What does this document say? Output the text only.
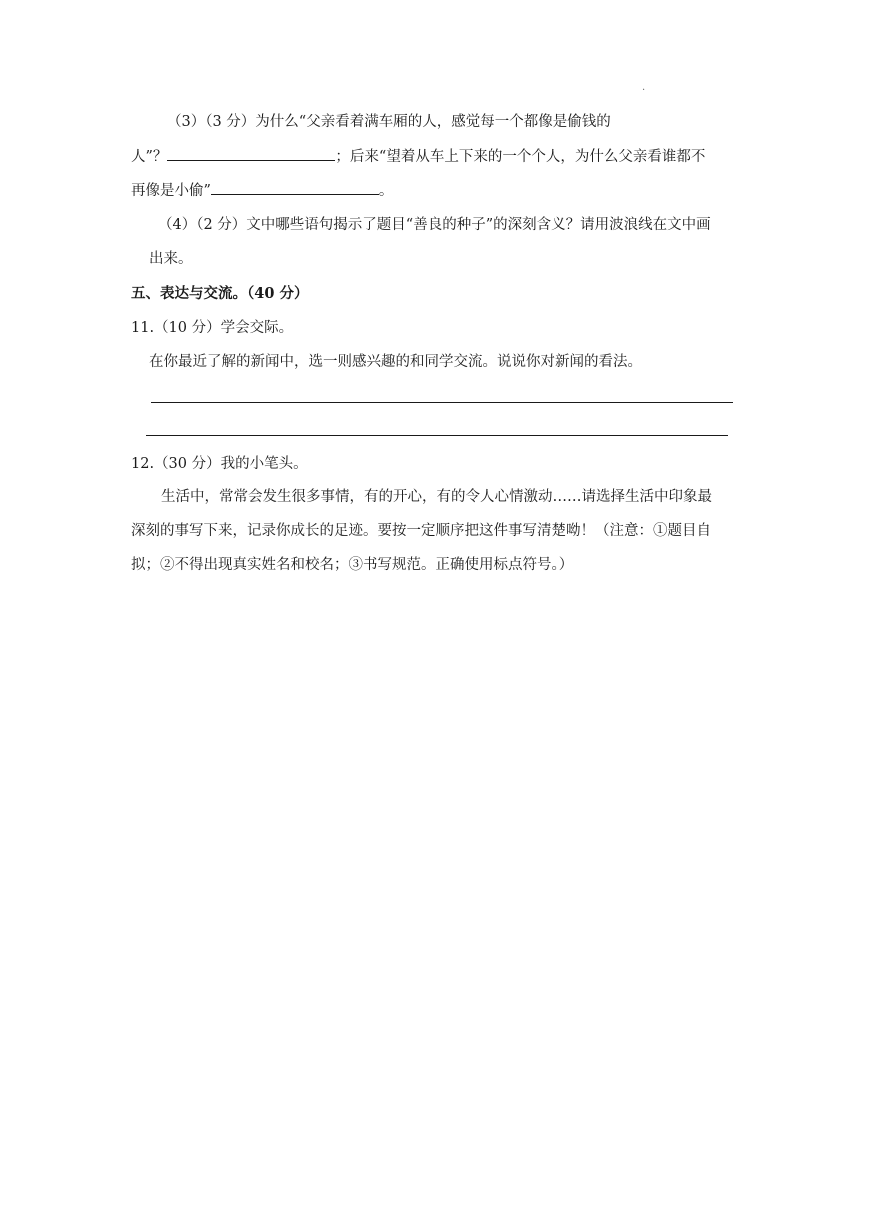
.
（3）（3 分）为什么“父亲看着满车厢的人，感觉每一个都像是偷钱的
人”？	；后来“望着从车上下来的一个个人，为什么父亲看谁都不
再像是小偷”	。
（4）（2 分）文中哪些语句揭示了题目“善良的种子”的深刻含义？请用波浪线在文中画
出来。
五、表达与交流。（40 分）
11.（10 分）学会交际。
在你最近了解的新闻中，选一则感兴趣的和同学交流。说说你对新闻的看法。
12.（30 分）我的小笔头。
生活中，常常会发生很多事情，有的开心，有的令人心情激动……请选择生活中印象最
深刻的事写下来，记录你成长的足迹。要按一定顺序把这件事写清楚呦！（注意：①题目自
拟；②不得出现真实姓名和校名；③书写规范。正确使用标点符号。）
